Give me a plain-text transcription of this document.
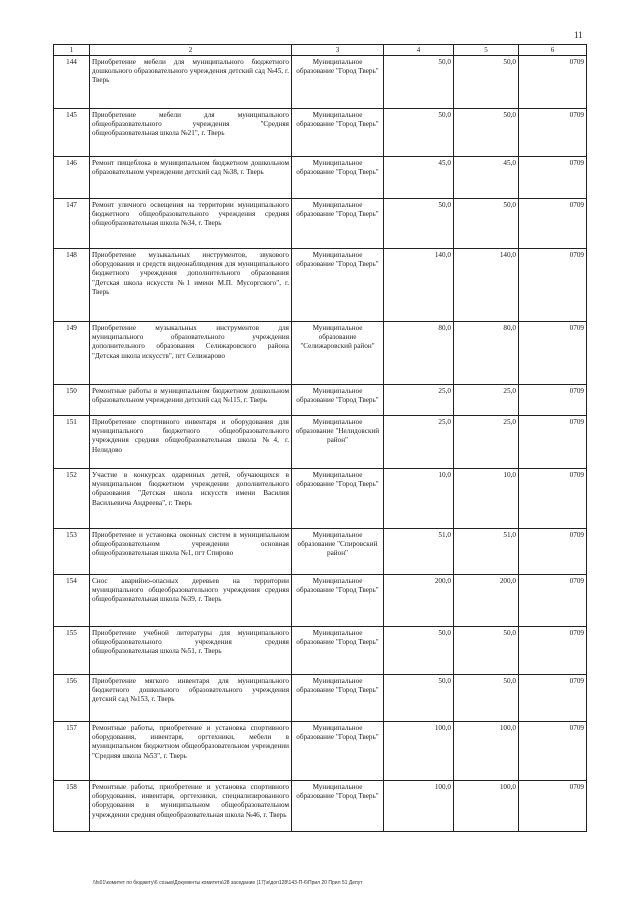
11
1	2	3	4	5	6
144	Приобретение мебели для муниципального бюджетного дошкольного образовательного учреждения детский сад №45, г. Тверь	Муниципальное образование "Город Тверь"	50,0	50,0	0709
145	Приобретение мебели для муниципального общеобразовательного учреждения "Средняя общеобразовательная школа №21", г. Тверь	Муниципальное образование "Город Тверь"	50,0	50,0	0709
146	Ремонт пищеблока в муниципальном бюджетном дошкольном образовательном учреждении детский сад №38, г. Тверь	Муниципальное образование "Город Тверь"	45,0	45,0	0709
147	Ремонт уличного освещения на территории муниципального бюджетного общеобразовательного учреждения средняя общеобразовательная школа №34, г. Тверь	Муниципальное образование "Город Тверь"	50,0	50,0	0709
148	Приобретение музыкальных инструментов, звукового оборудования и средств видеонаблюдения для муниципального бюджетного учреждения дополнительного образования "Детская школа искусств №1 имени М.П. Мусоргского", г. Тверь	Муниципальное образование "Город Тверь"	140,0	140,0	0709
149	Приобретение музыкальных инструментов для муниципального образовательного учреждения дополнительного образования Селижаровского района "Детская школа искусств", пгт Селижарово	Муниципальное образование "Селижаровский район"	80,0	80,0	0709
150	Ремонтные работы в муниципальном бюджетном дошкольном образовательном учреждении детский сад №115, г. Тверь	Муниципальное образование "Город Тверь"	25,0	25,0	0709
151	Приобретение спортивного инвентаря и оборудования для муниципального бюджетного общеобразовательного учреждения средняя общеобразовательная школа №4, г. Нелидово	Муниципальное образование "Нелидовский район"	25,0	25,0	0709
152	Участие в конкурсах одаренных детей, обучающихся в муниципальном бюджетном учреждении дополнительного образования "Детская школа искусств имени Василия Васильевича Андреева", г. Тверь	Муниципальное образование "Город Тверь"	10,0	10,0	0709
153	Приобретение и установка оконных систем в муниципальном общеобразовательном учреждении основная общеобразовательная школа №1, пгт Спирово	Муниципальное образование "Спировский район"	51,0	51,0	0709
154	Снос аварийно-опасных деревьев на территории муниципального общеобразовательного учреждения средняя общеобразовательная школа №39, г. Тверь	Муниципальное образование "Город Тверь"	200,0	200,0	0709
155	Приобретение учебной литературы для муниципального общеобразовательного учреждения средняя общеобразовательная школа №51, г. Тверь	Муниципальное образование "Город Тверь"	50,0	50,0	0709
156	Приобретение мягкого инвентаря для муниципального бюджетного дошкольного образовательного учреждения детский сад №153, г. Тверь	Муниципальное образование "Город Тверь"	50,0	50,0	0709
157	Ремонтные работы, приобретение и установка спортивного оборудования, инвентаря, оргтехники, мебели в муниципальном бюджетном общеобразовательном учреждении "Средняя школа №53", г. Тверь	Муниципальное образование "Город Тверь"	100,0	100,0	0709
158	Ремонтные работы, приобретение и установка спортивного оборудования, инвентаря, оргтехники, специализированного оборудования в муниципальном общеобразовательном учреждении средняя общеобразовательная школа №46, г. Тверь	Муниципальное образование "Город Тверь"	100,0	100,0	0709
\\fs01\комитет по бюджету\6 созыв\Документы комитета\28 заседание (17)\к\доп128\143-П-6\Прил 20 Прил 51 Депут
